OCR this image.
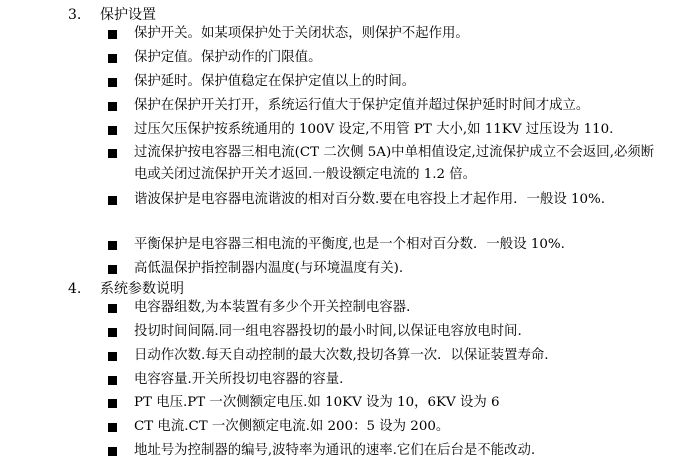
3. 保护设置
保护开关。如某项保护处于关闭状态，则保护不起作用。
保护定值。保护动作的门限值。
保护延时。保护值稳定在保护定值以上的时间。
保护在保护开关打开，系统运行值大于保护定值并超过保护延时时间才成立。
过压欠压保护按系统通用的 100V 设定,不用管 PT 大小,如 11KV 过压设为 110.
过流保护按电容器三相电流(CT 二次侧 5A)中单相值设定,过流保护成立不会返回,必须断电或关闭过流保护开关才返回.一般设额定电流的 1.2 倍。
谐波保护是电容器电流谐波的相对百分数.要在电容投上才起作用．一般设 10%.
平衡保护是电容器三相电流的平衡度,也是一个相对百分数．一般设 10%.
高低温保护指控制器内温度(与环境温度有关).
4. 系统参数说明
电容器组数,为本装置有多少个开关控制电容器.
投切时间间隔.同一组电容器投切的最小时间,以保证电容放电时间.
日动作次数.每天自动控制的最大次数,投切各算一次．以保证装置寿命.
电容容量.开关所投切电容器的容量.
PT 电压.PT 一次侧额定电压.如 10KV 设为 10，6KV 设为 6
CT 电流.CT 一次侧额定电流.如 200：5 设为 200。
地址号为控制器的编号,波特率为通讯的速率.它们在后台是不能改动.
